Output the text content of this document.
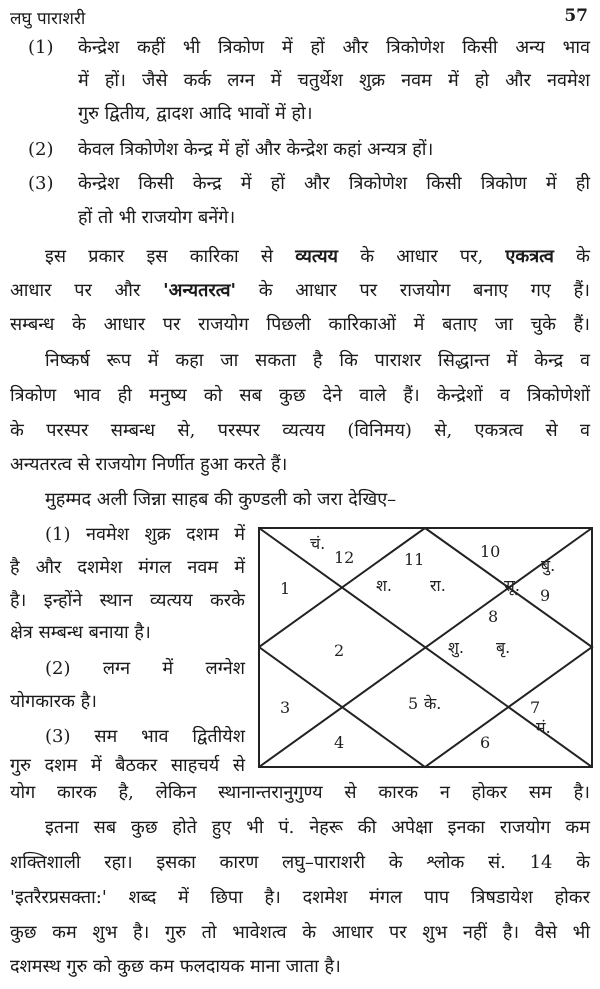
लघु पाराशरी	57
(1) केन्द्रेश कहीं भी त्रिकोण में हों और त्रिकोणेश किसी अन्य भाव
में हों। जैसे कर्क लग्न में चतुर्थेश शुक्र नवम में हो और नवमेश
गुरु द्वितीय, द्वादश आदि भावों में हो।
(2) केवल त्रिकोणेश केन्द्र में हों और केन्द्रेश कहां अन्यत्र हों।
(3) केन्द्रेश किसी केन्द्र में हों और त्रिकोणेश किसी त्रिकोण में ही
हों तो भी राजयोग बनेंगे।
इस प्रकार इस कारिका से व्यत्यय के आधार पर, एकत्रत्व के
आधार पर और 'अन्यतरत्व' के आधार पर राजयोग बनाए गए हैं।
सम्बन्ध के आधार पर राजयोग पिछली कारिकाओं में बताए जा चुके हैं।
निष्कर्ष रूप में कहा जा सकता है कि पाराशर सिद्धान्त में केन्द्र व
त्रिकोण भाव ही मनुष्य को सब कुछ देने वाले हैं। केन्द्रेशों व त्रिकोणेशों
के परस्पर सम्बन्ध से, परस्पर व्यत्यय (विनिमय) से, एकत्रत्व से व
अन्यतरत्व से राजयोग निर्णीत हुआ करते हैं।
मुहम्मद अली जिन्ना साहब की कुण्डली को जरा देखिए–
(1) नवमेश शुक्र दशम में
है और दशमेश मंगल नवम में
है। इन्होंने स्थान व्यत्यय करके
क्षेत्र सम्बन्ध बनाया है।
(2) लग्न में लग्नेश
योगकारक है।
(3) सम भाव द्वितीयेश
गुरु दशम में बैठकर साहचर्य से
चं.
12	11	10
बु.
1	श. रा.	सू.
9
8
2	शु. बृ.
3	5 के.	7
मं.
4	6
योग कारक है, लेकिन स्थानान्तरानुगुण्य से कारक न होकर सम है।
इतना सब कुछ होते हुए भी पं. नेहरू की अपेक्षा इनका राजयोग कम
शक्तिशाली रहा। इसका कारण लघु–पाराशरी के श्लोक सं. 14 के
'इतरैरप्रसक्ता:' शब्द में छिपा है। दशमेश मंगल पाप त्रिषडायेश होकर
कुछ कम शुभ है। गुरु तो भावेशत्व के आधार पर शुभ नहीं है। वैसे भी
दशमस्थ गुरु को कुछ कम फलदायक माना जाता है।
